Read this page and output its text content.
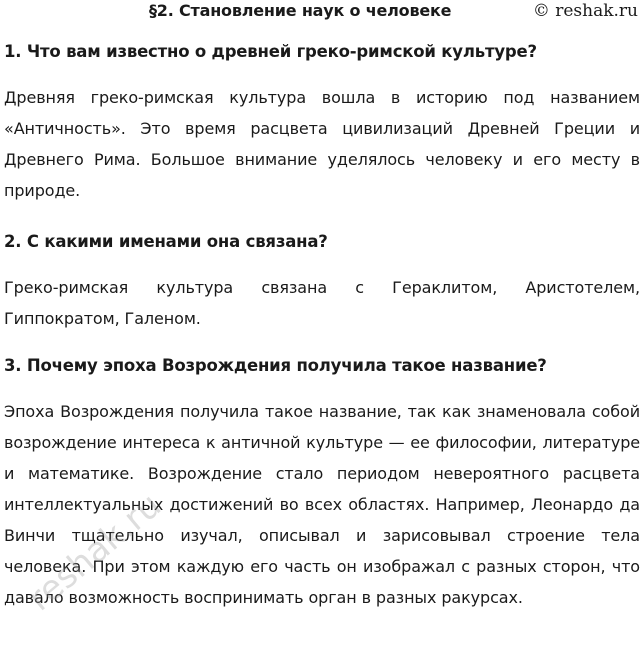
§2. Становление наук о человеке	© reshak.ru

1. Что вам известно о древней греко-римской культуре?

Древняя греко-римская культура вошла в историю под названием «Античность». Это время расцвета цивилизаций Древней Греции и Древнего Рима. Большое внимание уделялось человеку и его месту в природе.

2. С какими именами она связана?

Греко-римская культура связана с Гераклитом, Аристотелем, Гиппократом, Галеном.

3. Почему эпоха Возрождения получила такое название?

Эпоха Возрождения получила такое название, так как знаменовала собой возрождение интереса к античной культуре — ее философии, литературе и математике. Возрождение стало периодом невероятного расцвета интеллектуальных достижений во всех областях. Например, Леонардо да Винчи тщательно изучал, описывал и зарисовывал строение тела человека. При этом каждую его часть он изображал с разных сторон, что давало возможность воспринимать орган в разных ракурсах.

reshak.ru
